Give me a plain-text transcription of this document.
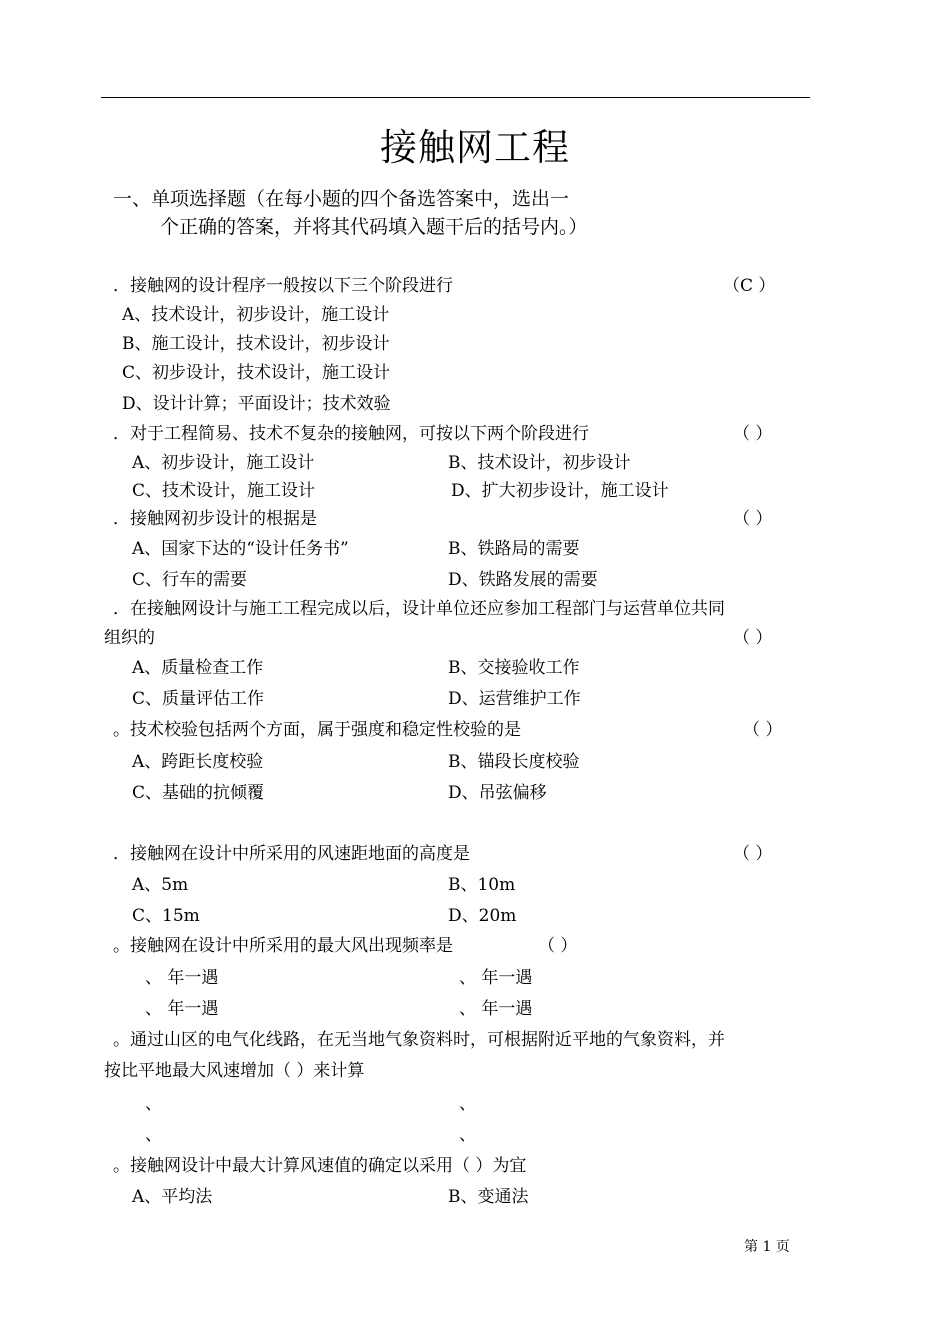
接触网工程
一、单项选择题（在每小题的四个备选答案中，选出一
个正确的答案，并将其代码填入题干后的括号内。）
．接触网的设计程序一般按以下三个阶段进行	（C ）
A、技术设计，初步设计，施工设计
B、施工设计，技术设计，初步设计
C、初步设计，技术设计，施工设计
D、设计计算；平面设计；技术效验
．对于工程简易、技术不复杂的接触网，可按以下两个阶段进行	（ ）
A、初步设计，施工设计	B、技术设计，初步设计
C、技术设计，施工设计	D、扩大初步设计，施工设计
．接触网初步设计的根据是	（ ）
A、国家下达的“设计任务书”	B、铁路局的需要
C、行车的需要	D、铁路发展的需要
．在接触网设计与施工工程完成以后，设计单位还应参加工程部门与运营单位共同
组织的	（ ）
A、质量检查工作	B、交接验收工作
C、质量评估工作	D、运营维护工作
。技术校验包括两个方面，属于强度和稳定性校验的是	（ ）
A、跨距长度校验	B、锚段长度校验
C、基础的抗倾覆	D、吊弦偏移
．接触网在设计中所采用的风速距地面的高度是	（ ）
A、5m	B、10m
C、15m	D、20m
。接触网在设计中所采用的最大风出现频率是	（ ）
、 年一遇	、 年一遇
、 年一遇	、 年一遇
。通过山区的电气化线路，在无当地气象资料时，可根据附近平地的气象资料，并
按比平地最大风速增加（ ）来计算
、	、
、	、
。接触网设计中最大计算风速值的确定以采用（ ）为宜
A、平均法	B、变通法
第 1 页
